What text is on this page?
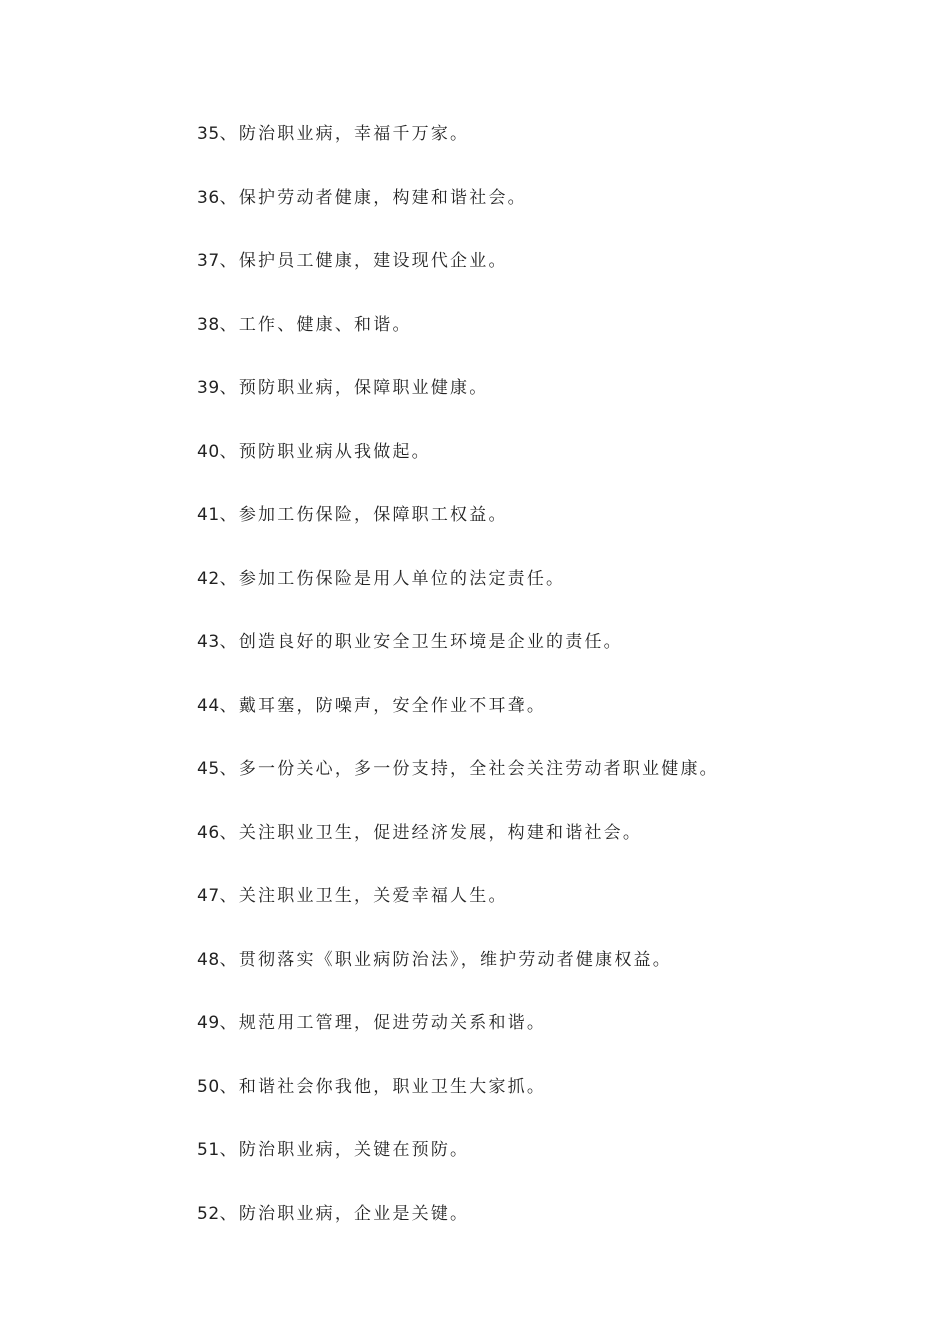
35、防治职业病，幸福千万家。
36、保护劳动者健康，构建和谐社会。
37、保护员工健康，建设现代企业。
38、工作、健康、和谐。
39、预防职业病，保障职业健康。
40、预防职业病从我做起。
41、参加工伤保险，保障职工权益。
42、参加工伤保险是用人单位的法定责任。
43、创造良好的职业安全卫生环境是企业的责任。
44、戴耳塞，防噪声，安全作业不耳聋。
45、多一份关心，多一份支持，全社会关注劳动者职业健康。
46、关注职业卫生，促进经济发展，构建和谐社会。
47、关注职业卫生，关爱幸福人生。
48、贯彻落实《职业病防治法》，维护劳动者健康权益。
49、规范用工管理，促进劳动关系和谐。
50、和谐社会你我他，职业卫生大家抓。
51、防治职业病，关键在预防。
52、防治职业病，企业是关键。
